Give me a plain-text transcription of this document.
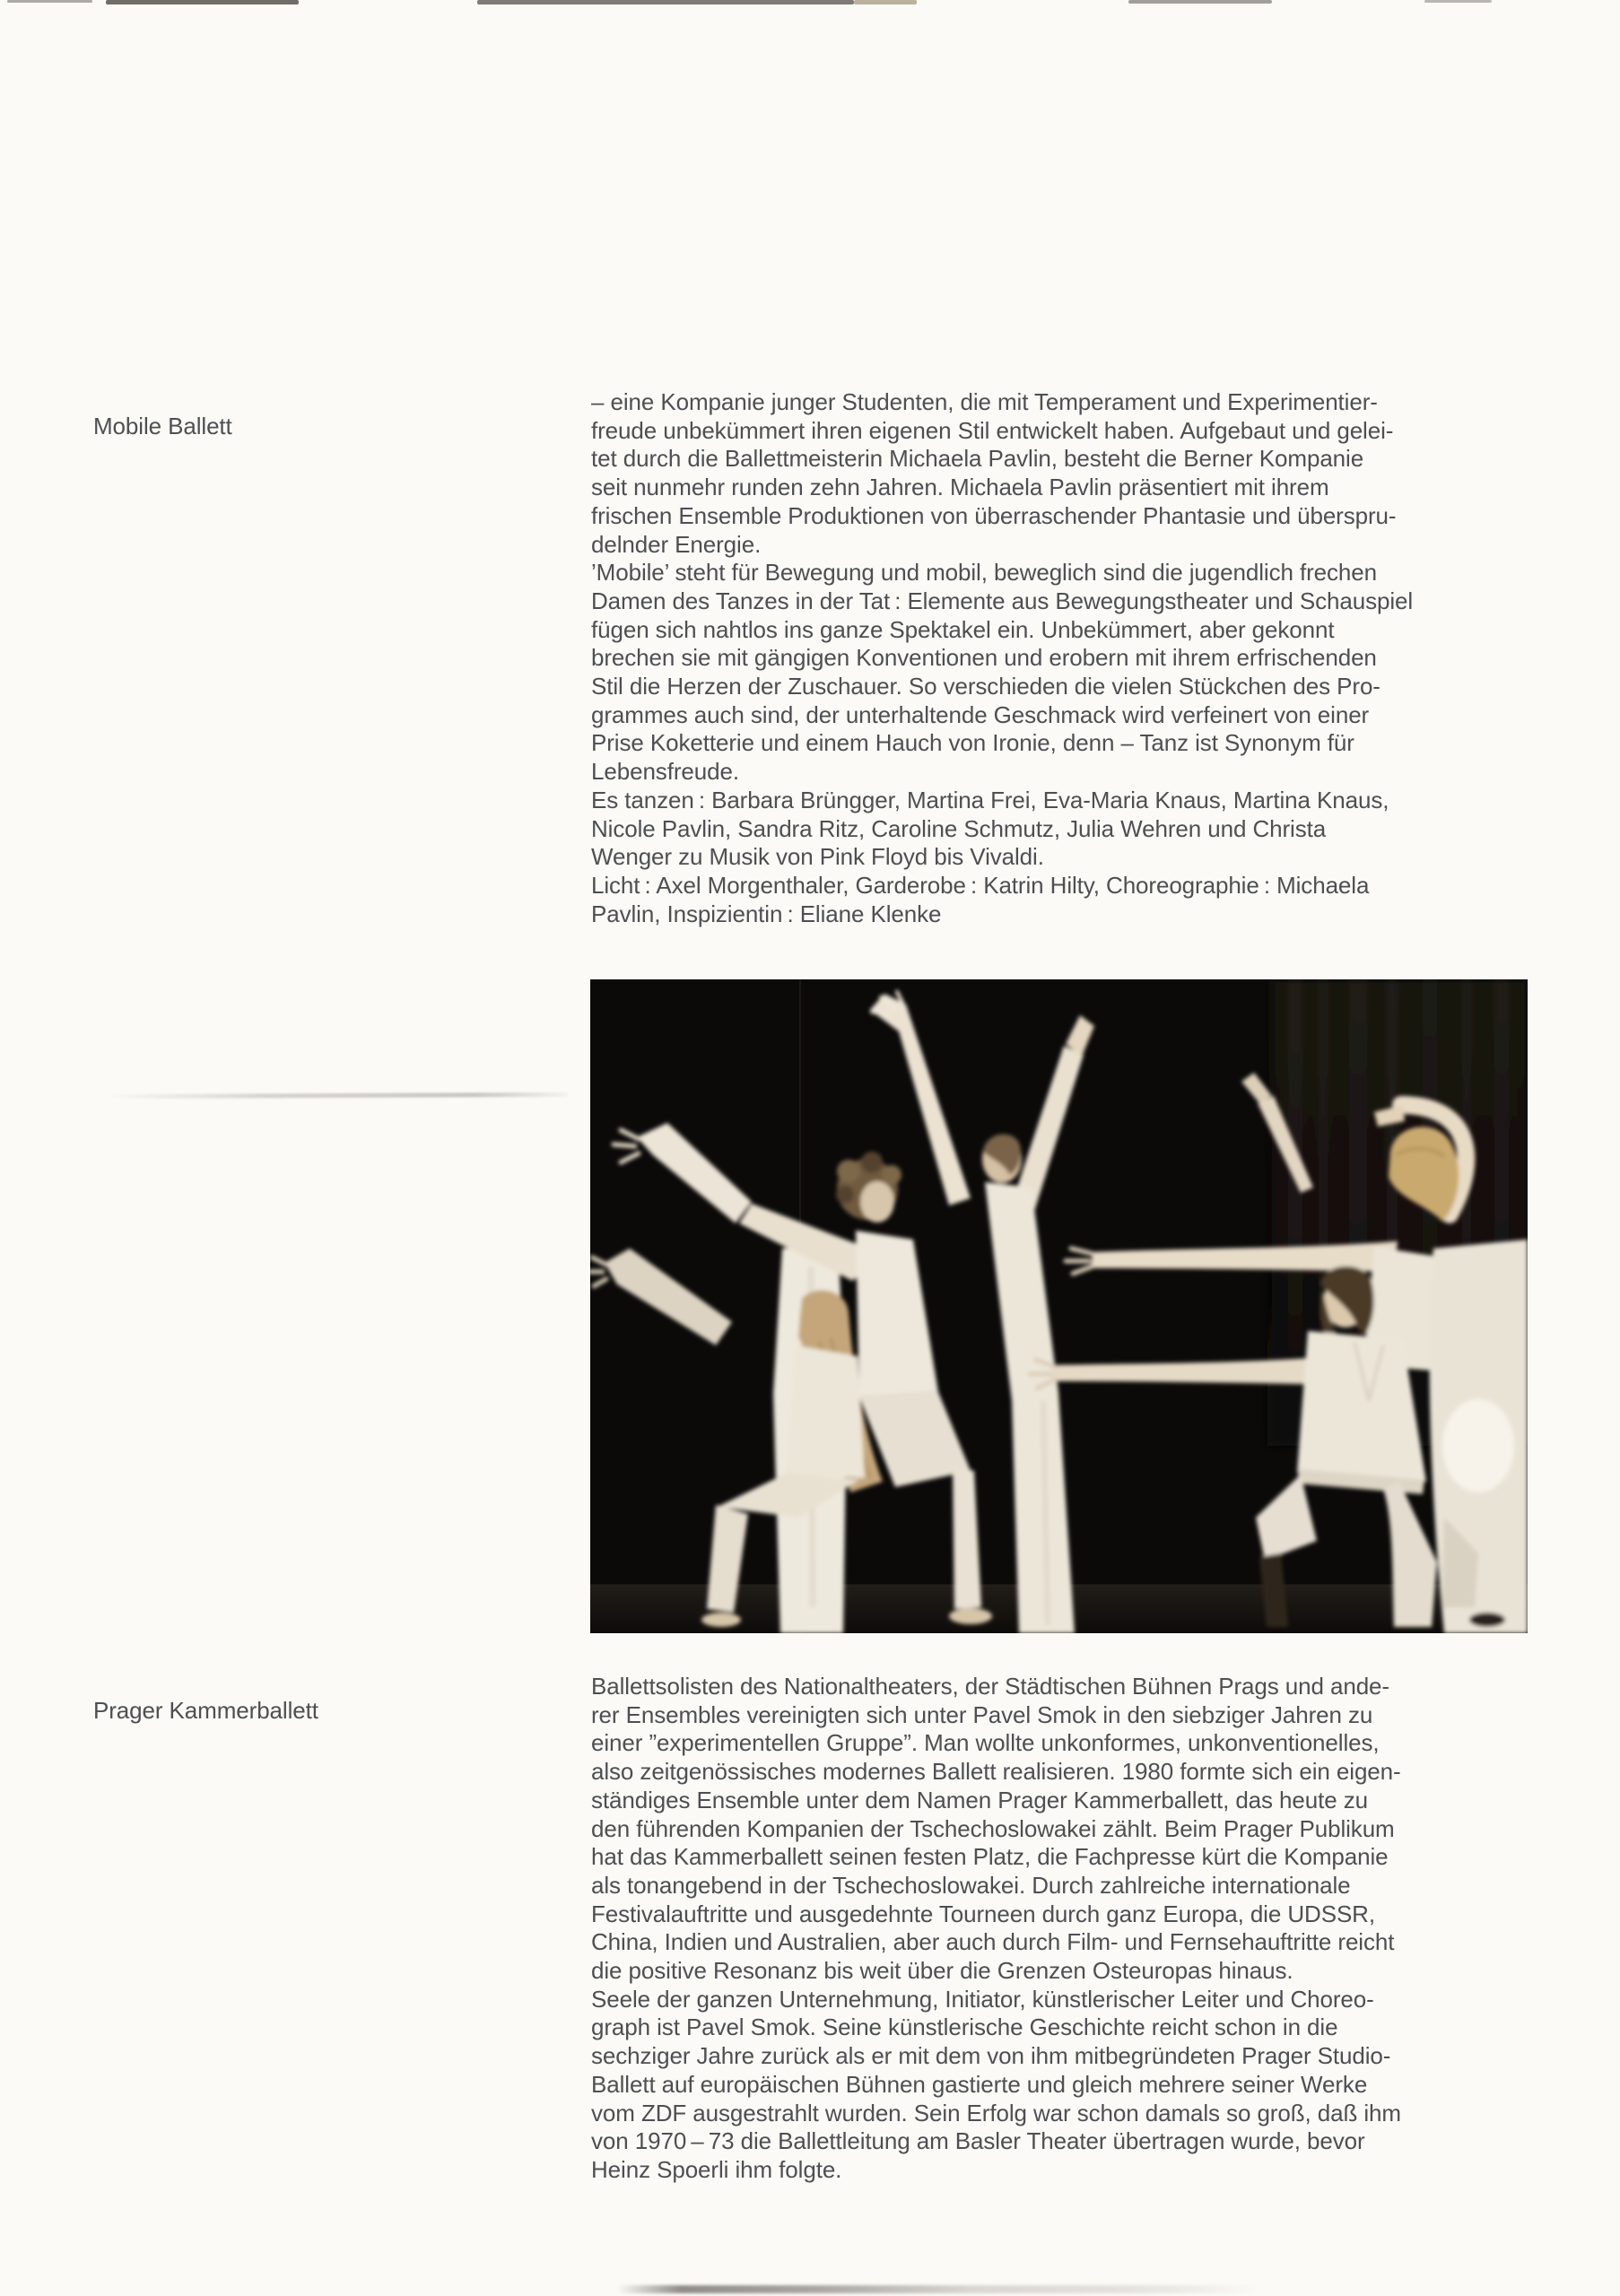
Mobile Ballett
– eine Kompanie junger Studenten, die mit Temperament und Experimentier-
freude unbekümmert ihren eigenen Stil entwickelt haben. Aufgebaut und gelei-
tet durch die Ballettmeisterin Michaela Pavlin, besteht die Berner Kompanie
seit nunmehr runden zehn Jahren. Michaela Pavlin präsentiert mit ihrem
frischen Ensemble Produktionen von überraschender Phantasie und überspru-
delnder Energie.
’Mobile’ steht für Bewegung und mobil, beweglich sind die jugendlich frechen
Damen des Tanzes in der Tat : Elemente aus Bewegungstheater und Schauspiel
fügen sich nahtlos ins ganze Spektakel ein. Unbekümmert, aber gekonnt
brechen sie mit gängigen Konventionen und erobern mit ihrem erfrischenden
Stil die Herzen der Zuschauer. So verschieden die vielen Stückchen des Pro-
grammes auch sind, der unterhaltende Geschmack wird verfeinert von einer
Prise Koketterie und einem Hauch von Ironie, denn – Tanz ist Synonym für
Lebensfreude.
Es tanzen : Barbara Brüngger, Martina Frei, Eva-Maria Knaus, Martina Knaus,
Nicole Pavlin, Sandra Ritz, Caroline Schmutz, Julia Wehren und Christa
Wenger zu Musik von Pink Floyd bis Vivaldi.
Licht : Axel Morgenthaler, Garderobe : Katrin Hilty, Choreographie : Michaela
Pavlin, Inspizientin : Eliane Klenke
Prager Kammerballett
Ballettsolisten des Nationaltheaters, der Städtischen Bühnen Prags und ande-
rer Ensembles vereinigten sich unter Pavel Smok in den siebziger Jahren zu
einer ”experimentellen Gruppe”. Man wollte unkonformes, unkonventionelles,
also zeitgenössisches modernes Ballett realisieren. 1980 formte sich ein eigen-
ständiges Ensemble unter dem Namen Prager Kammerballett, das heute zu
den führenden Kompanien der Tschechoslowakei zählt. Beim Prager Publikum
hat das Kammerballett seinen festen Platz, die Fachpresse kürt die Kompanie
als tonangebend in der Tschechoslowakei. Durch zahlreiche internationale
Festivalauftritte und ausgedehnte Tourneen durch ganz Europa, die UDSSR,
China, Indien und Australien, aber auch durch Film- und Fernsehauftritte reicht
die positive Resonanz bis weit über die Grenzen Osteuropas hinaus.
Seele der ganzen Unternehmung, Initiator, künstlerischer Leiter und Choreo-
graph ist Pavel Smok. Seine künstlerische Geschichte reicht schon in die
sechziger Jahre zurück als er mit dem von ihm mitbegründeten Prager Studio-
Ballett auf europäischen Bühnen gastierte und gleich mehrere seiner Werke
vom ZDF ausgestrahlt wurden. Sein Erfolg war schon damals so groß, daß ihm
von 1970 – 73 die Ballettleitung am Basler Theater übertragen wurde, bevor
Heinz Spoerli ihm folgte.
